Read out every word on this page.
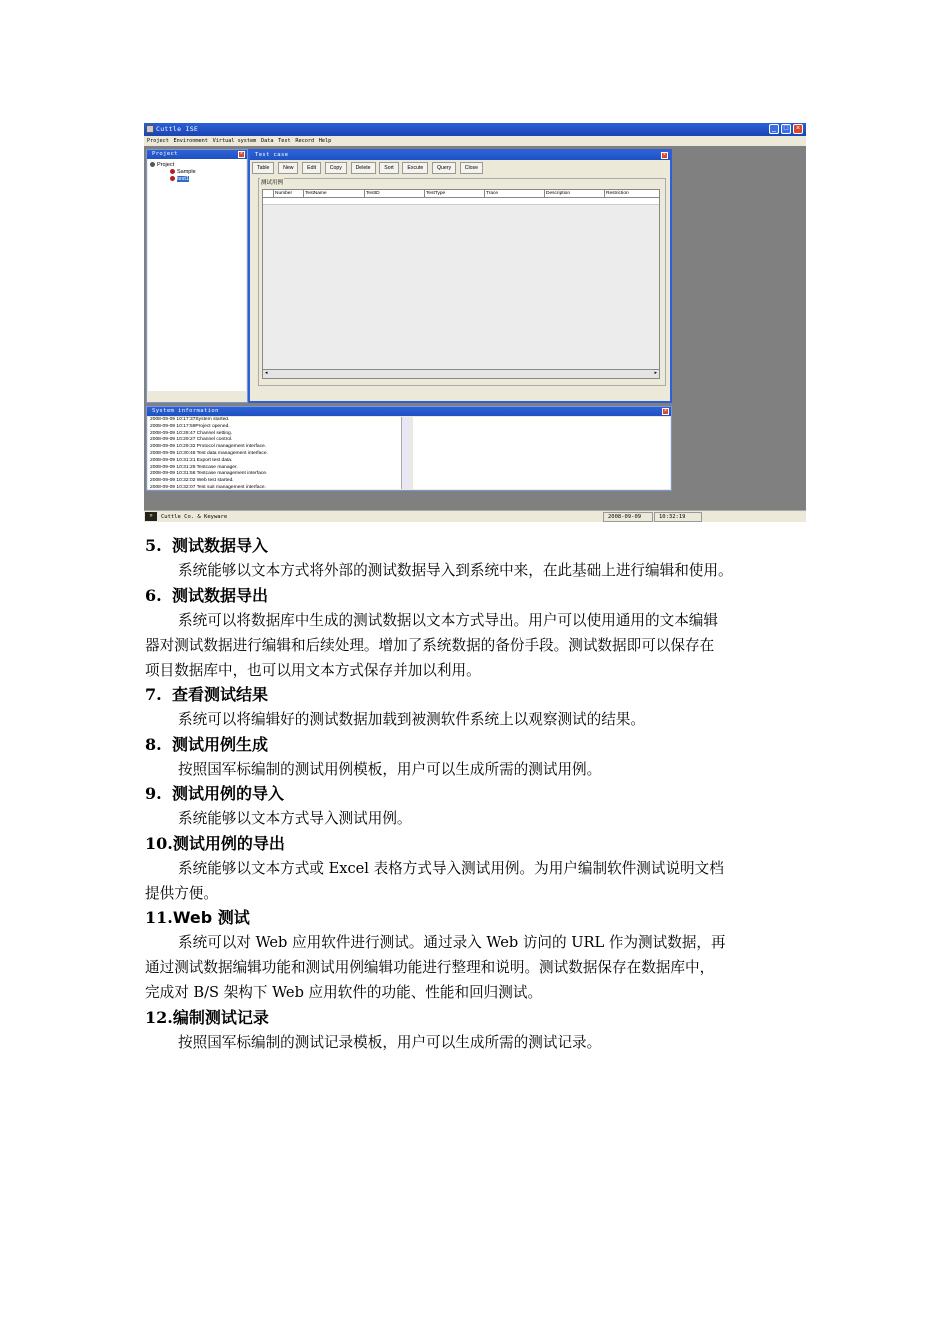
Cuttle ISE	_	□	×
Project Environment Virtual system Data Test Record Help
Project	×
Project
Sample
test1
Test case	×
Table	New	Edit	Copy	Delete	Sort	Excute	Query	Close
测试用例
Number	TestName	TestID	TestType	Trace	Description	Restriction
◂	▸
System information	×
2008-09-09 10:17:37System started.
2008-09-09 10:17:59Project opened.
2008-09-09 10:28:47 Channel setting.
2008-09-09 10:29:27 Channel control.
2008-09-09 10:29:32 Protocol management interface.
2008-09-09 10:30:46 Test data management interface.
2008-09-09 10:31:21 Export test data.
2008-09-09 10:31:25 Testcase manager.
2008-09-09 10:31:56 Testcase management interface.
2008-09-09 10:32:02 Web test started.
2008-09-09 10:32:07 Test suit management interface.
»	Cuttle Co. & Keyware	2008-09-09	10:32:19
5. 测试数据导入
系统能够以文本方式将外部的测试数据导入到系统中来，在此基础上进行编辑和使用。
6. 测试数据导出
系统可以将数据库中生成的测试数据以文本方式导出。用户可以使用通用的文本编辑
器对测试数据进行编辑和后续处理。增加了系统数据的备份手段。测试数据即可以保存在
项目数据库中，也可以用文本方式保存并加以利用。
7. 查看测试结果
系统可以将编辑好的测试数据加载到被测软件系统上以观察测试的结果。
8. 测试用例生成
按照国军标编制的测试用例模板，用户可以生成所需的测试用例。
9. 测试用例的导入
系统能够以文本方式导入测试用例。
10.测试用例的导出
系统能够以文本方式或 Excel 表格方式导入测试用例。为用户编制软件测试说明文档
提供方便。
11.Web 测试
系统可以对 Web 应用软件进行测试。通过录入 Web 访问的 URL 作为测试数据，再
通过测试数据编辑功能和测试用例编辑功能进行整理和说明。测试数据保存在数据库中，
完成对 B/S 架构下 Web 应用软件的功能、性能和回归测试。
12.编制测试记录
按照国军标编制的测试记录模板，用户可以生成所需的测试记录。
